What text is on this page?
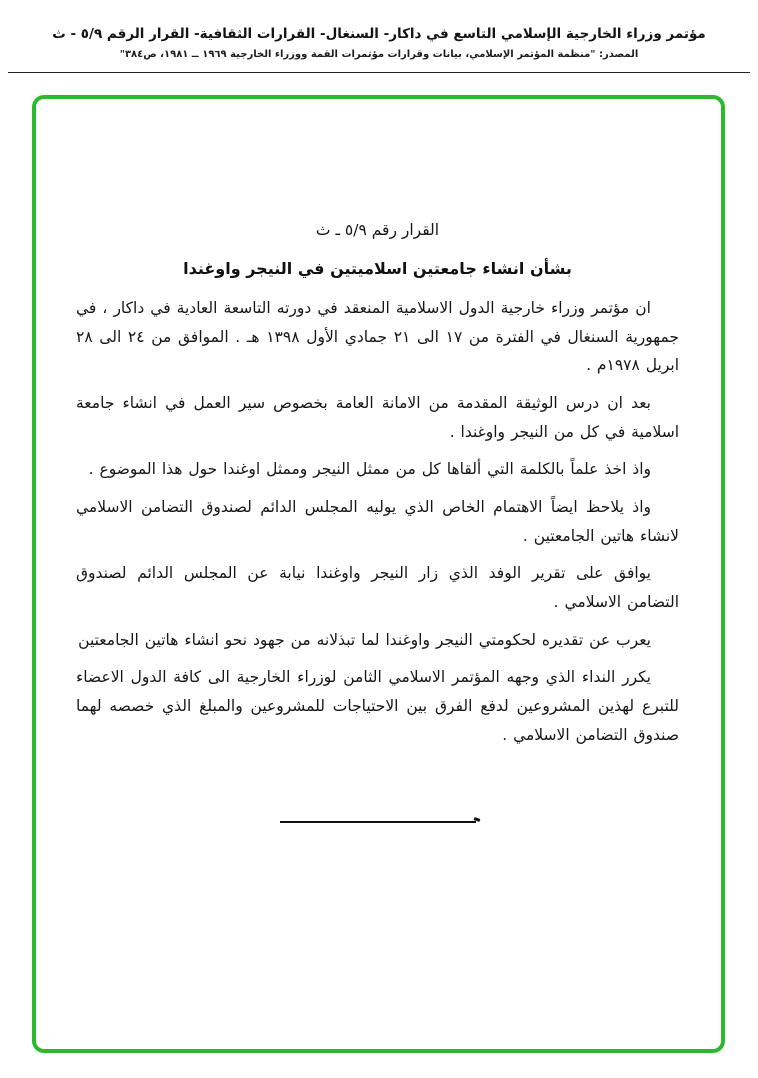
مؤتمر وزراء الخارجية الإسلامي التاسع في داكار- السنغال- القرارات الثقافية- القرار الرقم ٥/٩ - ث
المصدر: "منظمة المؤتمر الإسلامي، بيانات وقرارات مؤتمرات القمة ووزراء الخارجية ١٩٦٩ ــ ١٩٨١، ص٣٨٤"

القرار رقم ٥/٩ ـ ث

بشأن انشاء جامعتين اسلاميتين في النيجر واوغندا

ان مؤتمر وزراء خارجية الدول الاسلامية المنعقد في دورته التاسعة العادية في داكار ، في جمهورية السنغال في الفترة من ١٧ الى ٢١ جمادي الأول ١٣٩٨ هـ . الموافق من ٢٤ الى ٢٨ ابريل ١٩٧٨م .

بعد ان درس الوثيقة المقدمة من الامانة العامة بخصوص سير العمل في انشاء جامعة اسلامية في كل من النيجر واوغندا .

واذ اخذ علماً بالكلمة التي ألقاها كل من ممثل النيجر وممثل اوغندا حول هذا الموضوع .

واذ يلاحظ ايضاً الاهتمام الخاص الذي يوليه المجلس الدائم لصندوق التضامن الاسلامي لانشاء هاتين الجامعتين .

يوافق على تقرير الوفد الذي زار النيجر واوغندا نيابة عن المجلس الدائم لصندوق التضامن الاسلامي .

يعرب عن تقديره لحكومتي النيجر واوغندا لما تبذلانه من جهود نحو انشاء هاتين الجامعتين

يكرر النداء الذي وجهه المؤتمر الاسلامي الثامن لوزراء الخارجية الى كافة الدول الاعضاء للتبرع لهذين المشروعين لدفع الفرق بين الاحتياجات للمشروعين والمبلغ الذي خصصه لهما صندوق التضامن الاسلامي .
